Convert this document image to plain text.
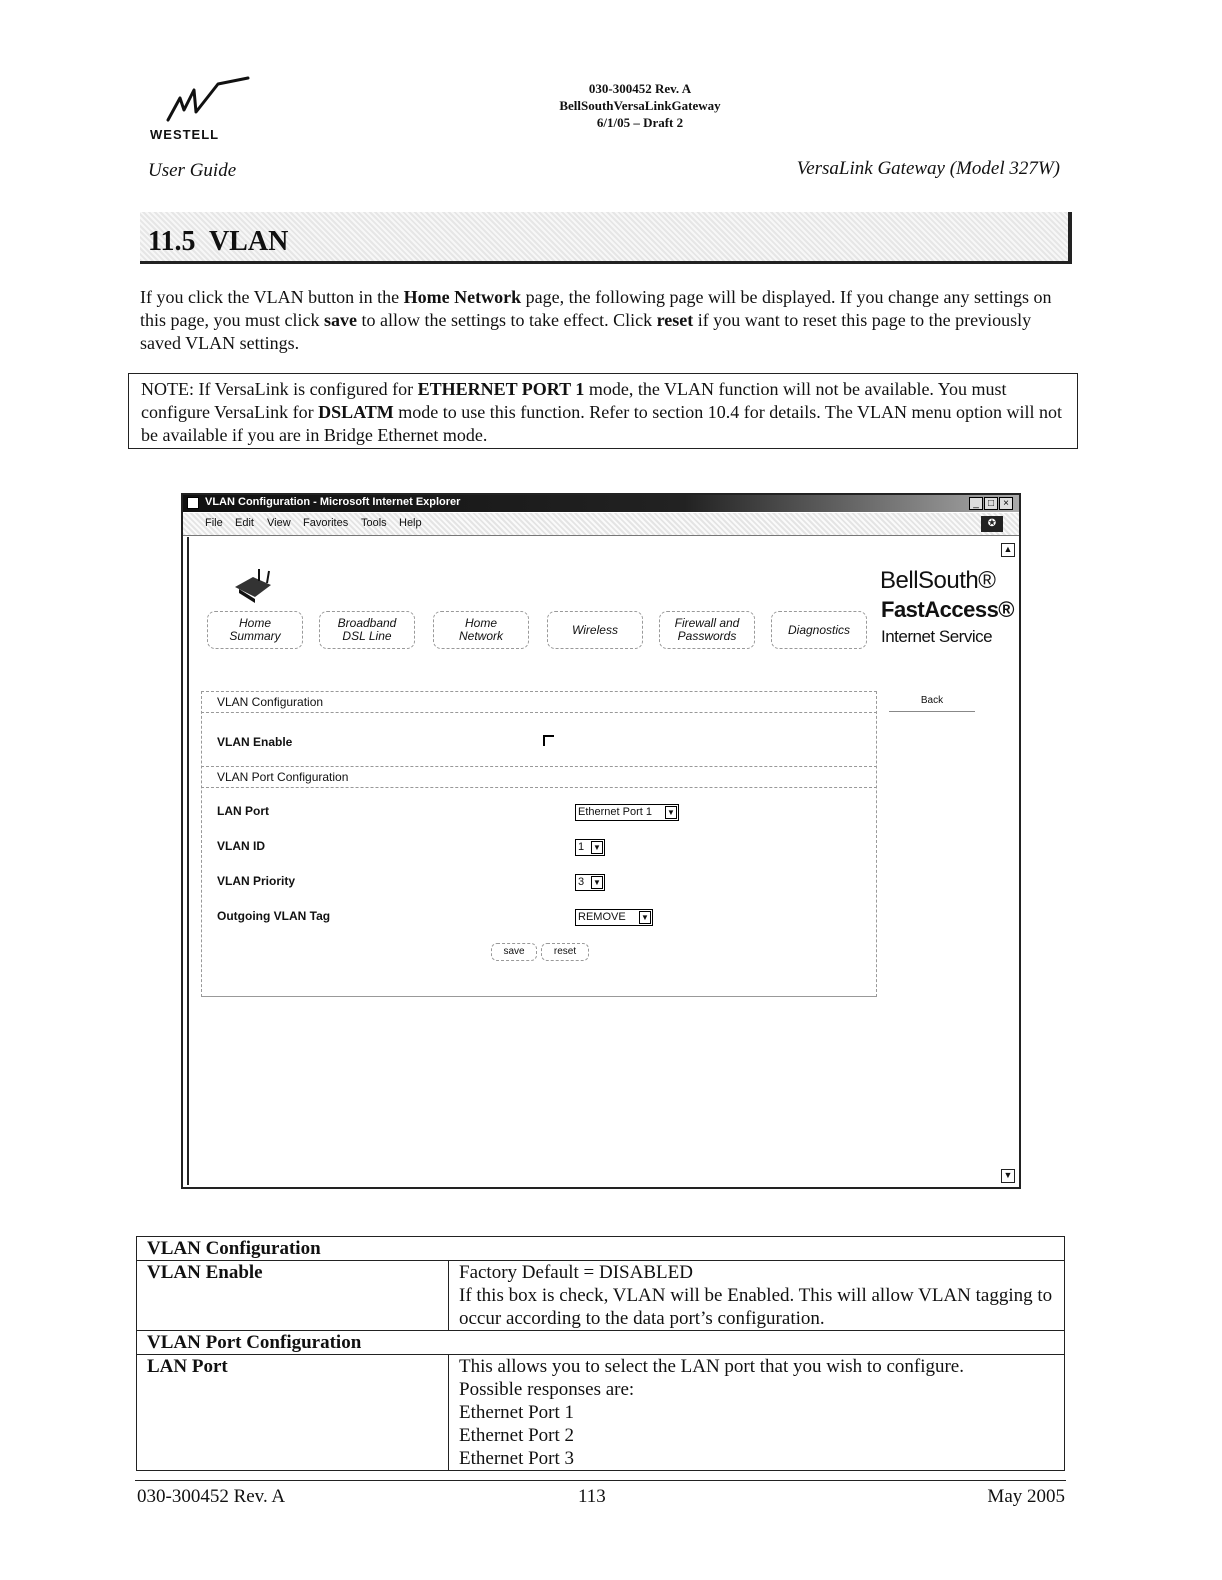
WESTELL
030-300452 Rev. A
BellSouthVersaLinkGateway
6/1/05 – Draft 2
User Guide	VersaLink Gateway (Model 327W)
11.5  VLAN
If you click the VLAN button in the Home Network page, the following page will be displayed. If you change any settings on this page, you must click save to allow the settings to take effect. Click reset if you want to reset this page to the previously saved VLAN settings.
NOTE: If VersaLink is configured for ETHERNET PORT 1 mode, the VLAN function will not be available. You must configure VersaLink for DSLATM mode to use this function. Refer to section 10.4 for details. The VLAN menu option will not be available if you are in Bridge Ethernet mode.
VLAN Configuration - Microsoft Internet Explorer	_ □ ×
File Edit View Favorites Tools Help	✪
▲
▼
Home
Summary
Broadband
DSL Line
Home
Network	Wireless	Firewall and
Passwords	Diagnostics
BellSouth®
FastAccess®
Internet Service
VLAN Configuration
VLAN Enable
VLAN Port Configuration
LAN Port	Ethernet Port 1 ▼
VLAN ID	1 ▼
VLAN Priority	3 ▼
Outgoing VLAN Tag	REMOVE ▼
save	reset
Back
VLAN Configuration	
VLAN Enable	Factory Default = DISABLED
If this box is check, VLAN will be Enabled. This will allow VLAN tagging to occur according to the data port’s configuration.

VLAN Port Configuration	
LAN Port	This allows you to select the LAN port that you wish to configure.
Possible responses are:
Ethernet Port 1
Ethernet Port 2
Ethernet Port 3
030-300452 Rev. A	113	May 2005
